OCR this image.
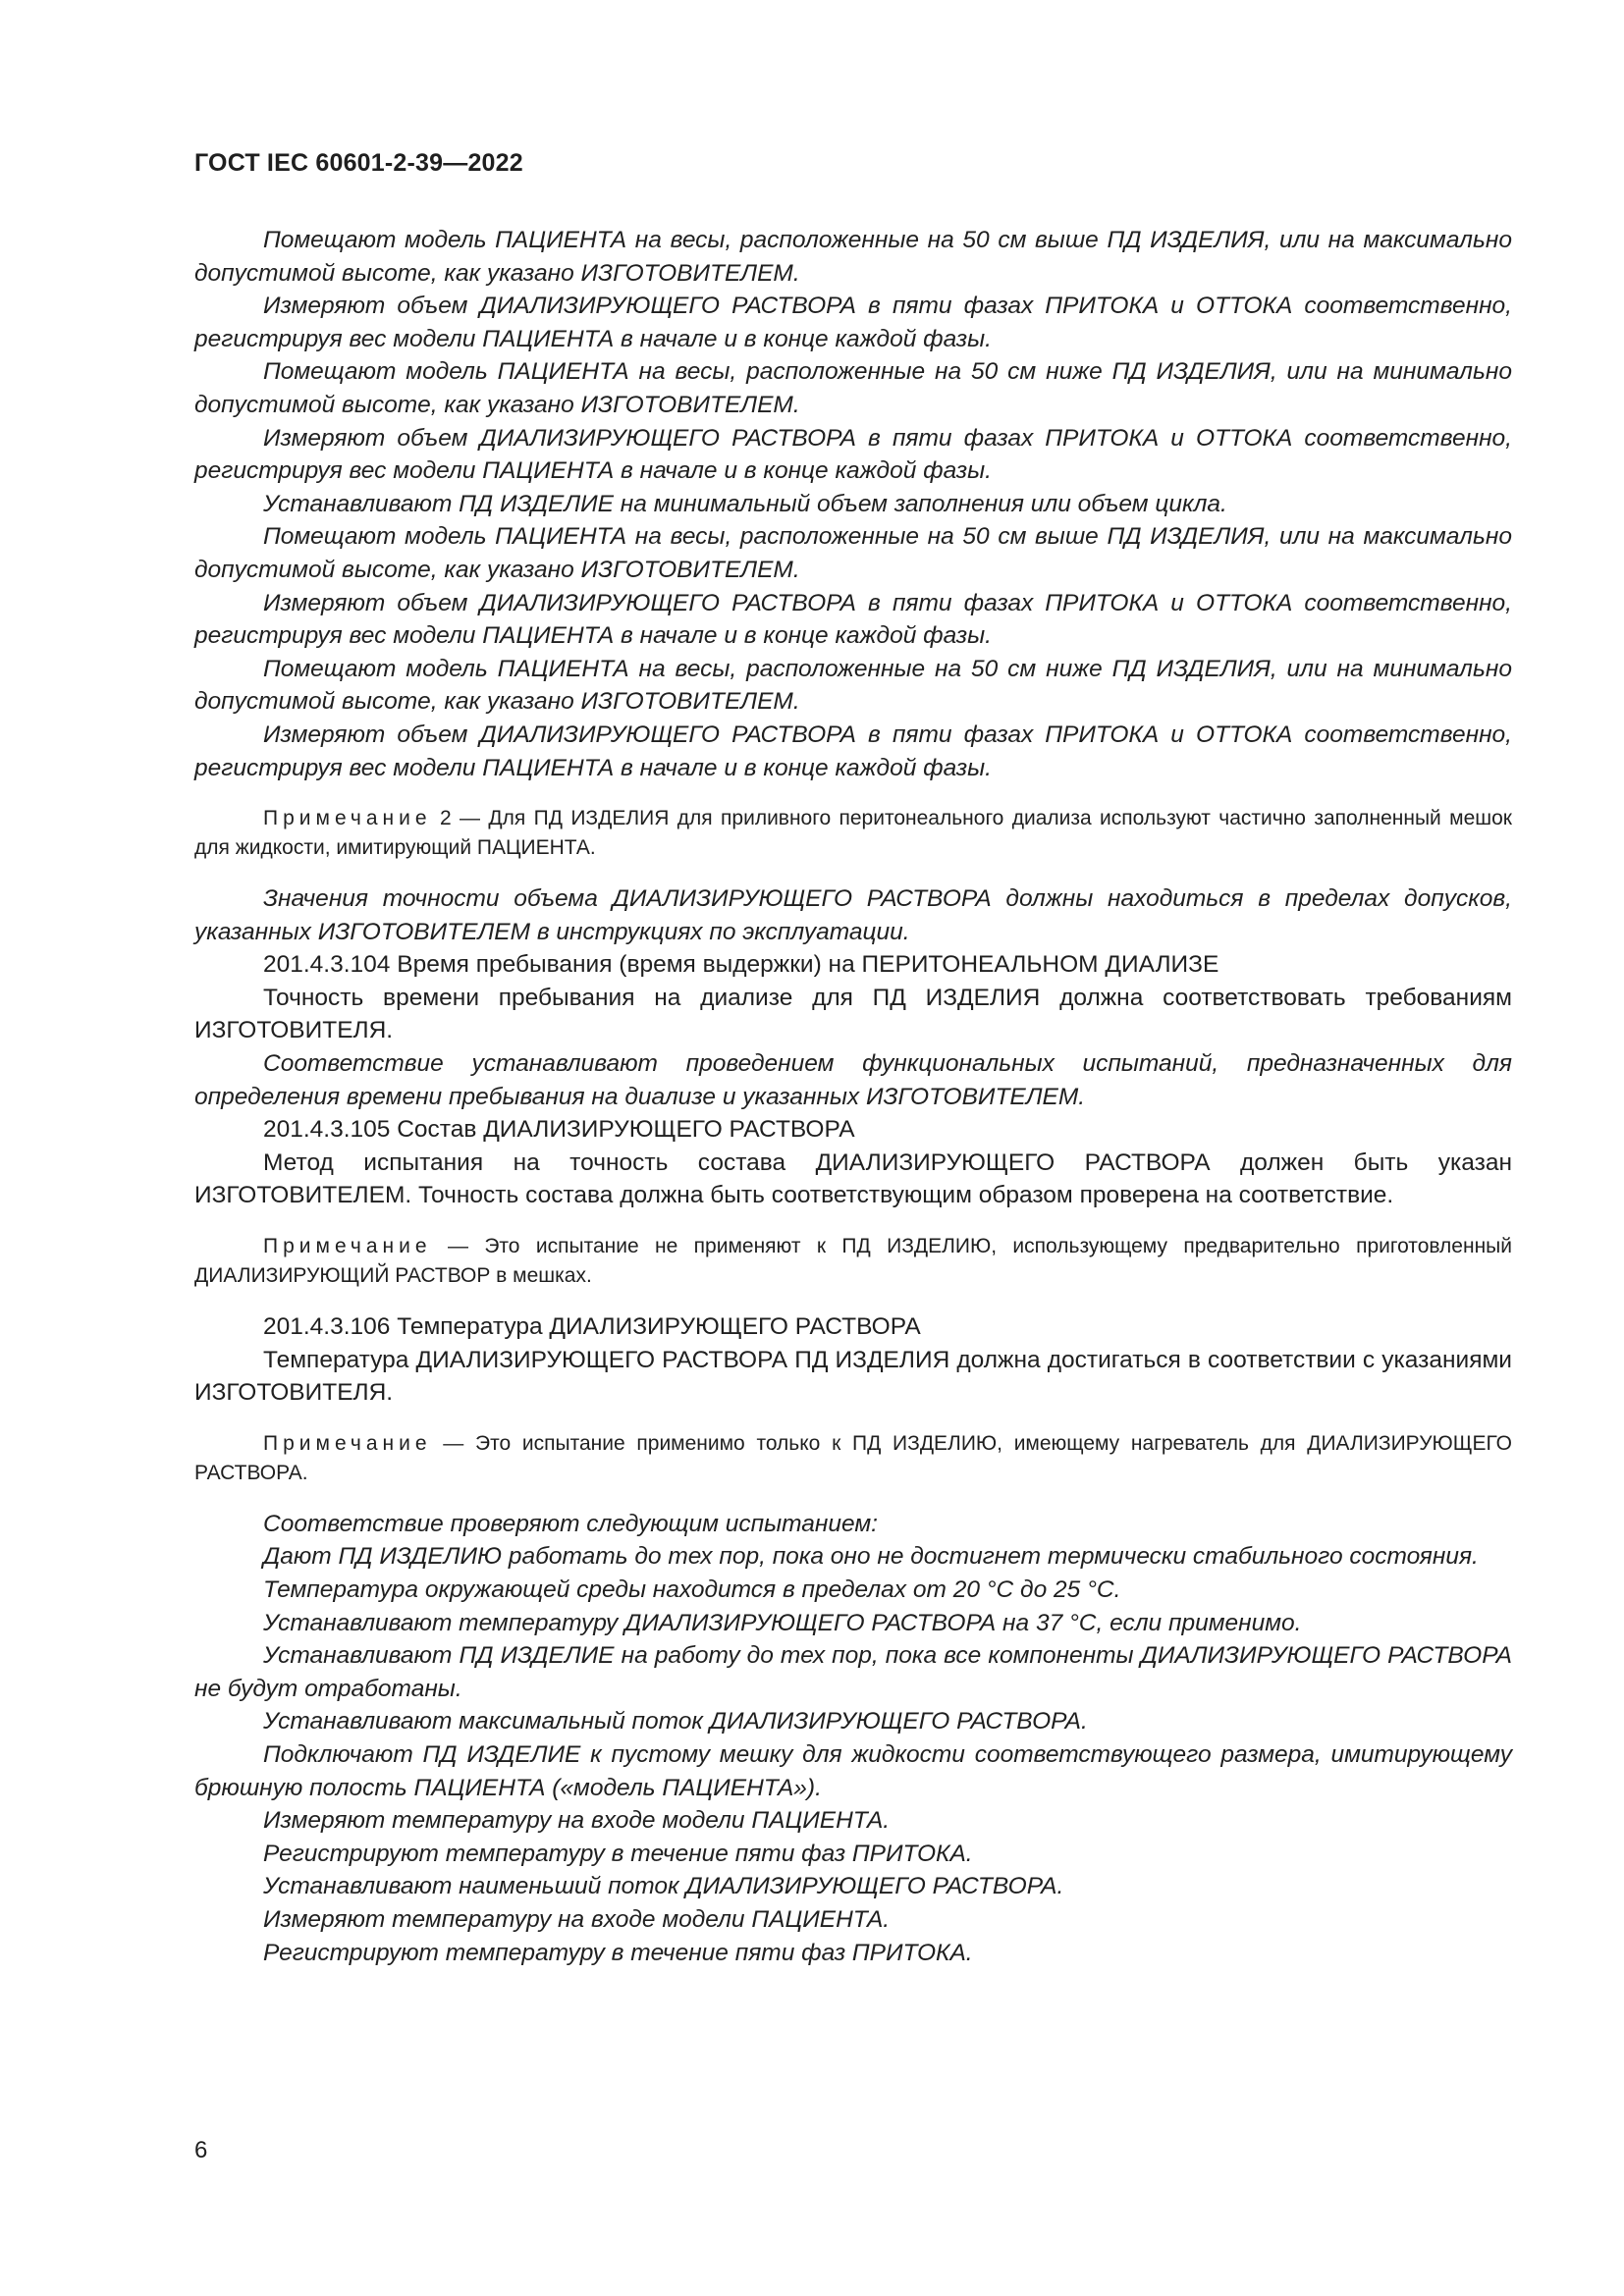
ГОСТ IEC 60601-2-39—2022

Помещают модель ПАЦИЕНТА на весы, расположенные на 50 см выше ПД ИЗДЕЛИЯ, или на максимально допустимой высоте, как указано ИЗГОТОВИТЕЛЕМ.

Измеряют объем ДИАЛИЗИРУЮЩЕГО РАСТВОРА в пяти фазах ПРИТОКА и ОТТОКА соответственно, регистрируя вес модели ПАЦИЕНТА в начале и в конце каждой фазы.

Помещают модель ПАЦИЕНТА на весы, расположенные на 50 см ниже ПД ИЗДЕЛИЯ, или на минимально допустимой высоте, как указано ИЗГОТОВИТЕЛЕМ.

Измеряют объем ДИАЛИЗИРУЮЩЕГО РАСТВОРА в пяти фазах ПРИТОКА и ОТТОКА соответственно, регистрируя вес модели ПАЦИЕНТА в начале и в конце каждой фазы.

Устанавливают ПД ИЗДЕЛИЕ на минимальный объем заполнения или объем цикла.

Помещают модель ПАЦИЕНТА на весы, расположенные на 50 см выше ПД ИЗДЕЛИЯ, или на максимально допустимой высоте, как указано ИЗГОТОВИТЕЛЕМ.

Измеряют объем ДИАЛИЗИРУЮЩЕГО РАСТВОРА в пяти фазах ПРИТОКА и ОТТОКА соответственно, регистрируя вес модели ПАЦИЕНТА в начале и в конце каждой фазы.

Помещают модель ПАЦИЕНТА на весы, расположенные на 50 см ниже ПД ИЗДЕЛИЯ, или на минимально допустимой высоте, как указано ИЗГОТОВИТЕЛЕМ.

Измеряют объем ДИАЛИЗИРУЮЩЕГО РАСТВОРА в пяти фазах ПРИТОКА и ОТТОКА соответственно, регистрируя вес модели ПАЦИЕНТА в начале и в конце каждой фазы.

Примечание 2 — Для ПД ИЗДЕЛИЯ для приливного перитонеального диализа используют частично заполненный мешок для жидкости, имитирующий ПАЦИЕНТА.

Значения точности объема ДИАЛИЗИРУЮЩЕГО РАСТВОРА должны находиться в пределах допусков, указанных ИЗГОТОВИТЕЛЕМ в инструкциях по эксплуатации.

201.4.3.104 Время пребывания (время выдержки) на ПЕРИТОНЕАЛЬНОМ ДИАЛИЗЕ

Точность времени пребывания на диализе для ПД ИЗДЕЛИЯ должна соответствовать требованиям ИЗГОТОВИТЕЛЯ.

Соответствие устанавливают проведением функциональных испытаний, предназначенных для определения времени пребывания на диализе и указанных ИЗГОТОВИТЕЛЕМ.

201.4.3.105 Состав ДИАЛИЗИРУЮЩЕГО РАСТВОРА

Метод испытания на точность состава ДИАЛИЗИРУЮЩЕГО РАСТВОРА должен быть указан ИЗГОТОВИТЕЛЕМ. Точность состава должна быть соответствующим образом проверена на соответствие.

Примечание — Это испытание не применяют к ПД ИЗДЕЛИЮ, использующему предварительно приготовленный ДИАЛИЗИРУЮЩИЙ РАСТВОР в мешках.

201.4.3.106 Температура ДИАЛИЗИРУЮЩЕГО РАСТВОРА

Температура ДИАЛИЗИРУЮЩЕГО РАСТВОРА ПД ИЗДЕЛИЯ должна достигаться в соответствии с указаниями ИЗГОТОВИТЕЛЯ.

Примечание — Это испытание применимо только к ПД ИЗДЕЛИЮ, имеющему нагреватель для ДИАЛИЗИРУЮЩЕГО РАСТВОРА.

Соответствие проверяют следующим испытанием:

Дают ПД ИЗДЕЛИЮ работать до тех пор, пока оно не достигнет термически стабильного состояния.

Температура окружающей среды находится в пределах от 20 °С до 25 °С.

Устанавливают температуру ДИАЛИЗИРУЮЩЕГО РАСТВОРА на 37 °С, если применимо.

Устанавливают ПД ИЗДЕЛИЕ на работу до тех пор, пока все компоненты ДИАЛИЗИРУЮЩЕГО РАСТВОРА не будут отработаны.

Устанавливают максимальный поток ДИАЛИЗИРУЮЩЕГО РАСТВОРА.

Подключают ПД ИЗДЕЛИЕ к пустому мешку для жидкости соответствующего размера, имитирующему брюшную полость ПАЦИЕНТА («модель ПАЦИЕНТА»).

Измеряют температуру на входе модели ПАЦИЕНТА.

Регистрируют температуру в течение пяти фаз ПРИТОКА.

Устанавливают наименьший поток ДИАЛИЗИРУЮЩЕГО РАСТВОРА.

Измеряют температуру на входе модели ПАЦИЕНТА.

Регистрируют температуру в течение пяти фаз ПРИТОКА.

6
